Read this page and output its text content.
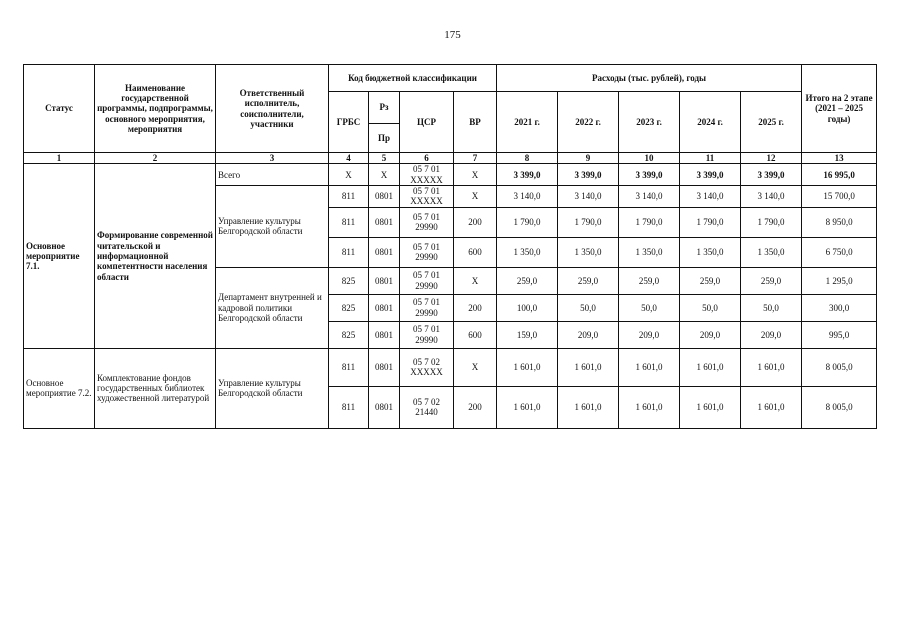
175
Статус	Наименование государственной программы, подпрограммы, основного мероприятия, мероприятия	Ответственный исполнитель, соисполнители, участники	Код бюджетной классификации				Расходы (тыс. рублей), годы					Итого на 2 этапе (2021 – 2025 годы)
			ГРБС	Рз	ЦСР	ВР	2021 г.	2022 г.	2023 г.	2024 г.	2025 г.	
				Пр								
1	2	3	4	5	6	7	8	9	10	11	12	13
Основное мероприятие 7.1.	Формирование современной читательской и информационной компетентности населения области	Всего	Х	Х	05 7 01
ХХХХХ	Х	3 399,0	3 399,0	3 399,0	3 399,0	3 399,0	16 995,0
		Управление культуры Белгородской области	811	0801	05 7 01
ХХХХХ	Х	3 140,0	3 140,0	3 140,0	3 140,0	3 140,0	15 700,0
			811	0801	05 7 01
29990	200	1 790,0	1 790,0	1 790,0	1 790,0	1 790,0	8 950,0
			811	0801	05 7 01
29990	600	1 350,0	1 350,0	1 350,0	1 350,0	1 350,0	6 750,0
		Департамент внутренней и кадровой политики Белгородской области	825	0801	05 7 01
29990	Х	259,0	259,0	259,0	259,0	259,0	1 295,0
			825	0801	05 7 01
29990	200	100,0	50,0	50,0	50,0	50,0	300,0
			825	0801	05 7 01
29990	600	159,0	209,0	209,0	209,0	209,0	995,0
Основное мероприятие 7.2.	Комплектование фондов государственных библиотек художественной литературой	Управление культуры Белгородской области	811	0801	05 7 02
ХХХХХ	Х	1 601,0	1 601,0	1 601,0	1 601,0	1 601,0	8 005,0
			811	0801	05 7 02
21440	200	1 601,0	1 601,0	1 601,0	1 601,0	1 601,0	8 005,0
